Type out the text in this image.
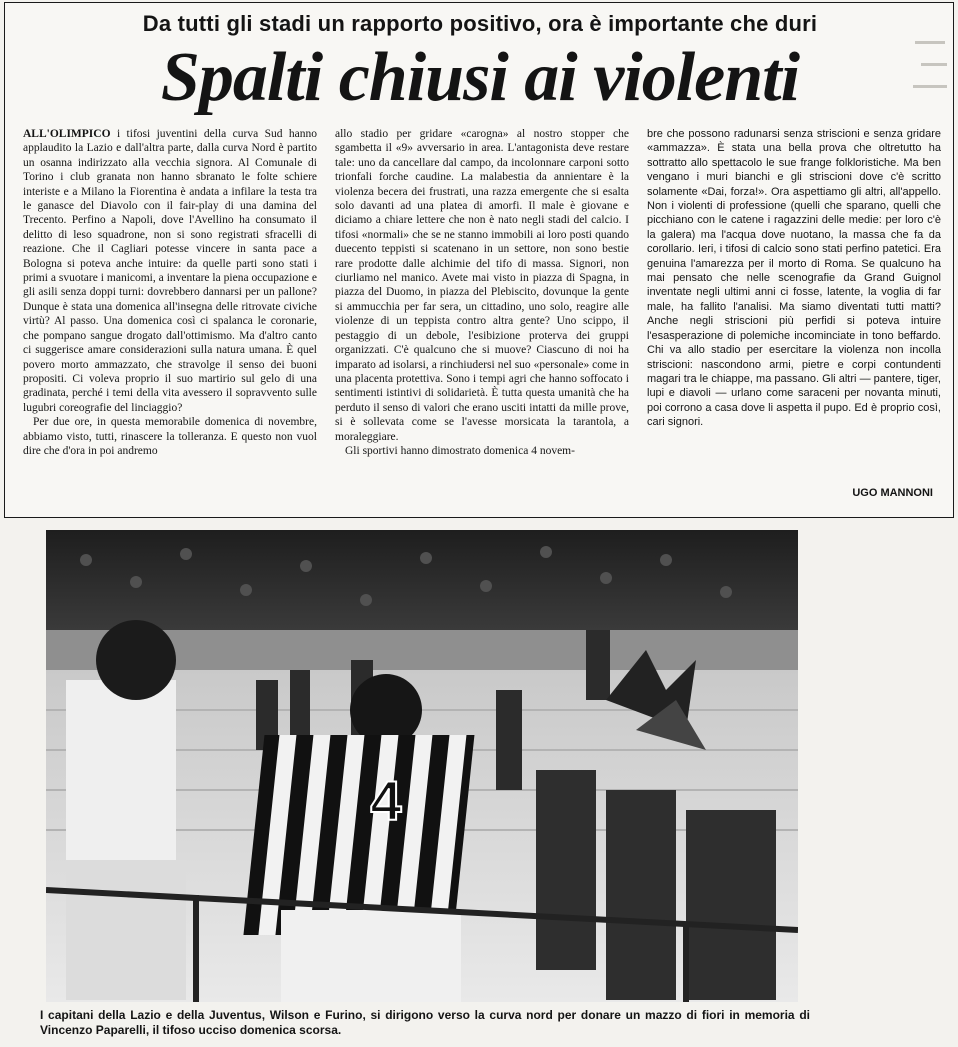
Da tutti gli stadi un rapporto positivo, ora è importante che duri
Spalti chiusi ai violenti

ALL'OLIMPICO i tifosi juventini della curva Sud hanno applaudito la Lazio e dall'altra parte, dalla curva Nord è partito un osanna indirizzato alla vecchia signora. Al Comunale di Torino i club granata non hanno sbranato le folte schiere interiste e a Milano la Fiorentina è andata a infilare la testa tra le ganasce del Diavolo con il fair-play di una damina del Trecento. Perfino a Napoli, dove l'Avellino ha consumato il delitto di leso squadrone, non si sono registrati sfracelli di reazione. Che il Cagliari potesse vincere in santa pace a Bologna si poteva anche intuire: da quelle parti sono stati i primi a svuotare i manicomi, a inventare la piena occupazione e gli asili senza doppi turni: dovrebbero dannarsi per un pallone? Dunque è stata una domenica all'insegna delle ritrovate civiche virtù? Al passo. Una domenica così ci spalanca le coronarie, che pompano sangue drogato dall'ottimismo. Ma d'altro canto ci suggerisce amare considerazioni sulla natura umana. È quel povero morto ammazzato, che stravolge il senso dei buoni propositi. Ci voleva proprio il suo martirio sul gelo di una gradinata, perché i temi della vita avessero il sopravvento sulle lugubri coreografie del linciaggio?

Per due ore, in questa memorabile domenica di novembre, abbiamo visto, tutti, rinascere la tolleranza. E questo non vuol dire che d'ora in poi andremo

allo stadio per gridare «carogna» al nostro stopper che sgambetta il «9» avversario in area. L'antagonista deve restare tale: uno da cancellare dal campo, da incolonnare carponi sotto trionfali forche caudine. La malabestia da annientare è la violenza becera dei frustrati, una razza emergente che si esalta solo davanti ad una platea di amorfi. Il male è giovane e diciamo a chiare lettere che non è nato negli stadi del calcio. I tifosi «normali» che se ne stanno immobili ai loro posti quando duecento teppisti si scatenano in un settore, non sono bestie rare prodotte dalle alchimie del tifo di massa. Signori, non ciurliamo nel manico. Avete mai visto in piazza di Spagna, in piazza del Duomo, in piazza del Plebiscito, dovunque la gente si ammucchia per far sera, un cittadino, uno solo, reagire alle violenze di un teppista contro altra gente? Uno scippo, il pestaggio di un debole, l'esibizione proterva dei gruppi organizzati. C'è qualcuno che si muove? Ciascuno di noi ha imparato ad isolarsi, a rinchiudersi nel suo «personale» come in una placenta protettiva. Sono i tempi agri che hanno soffocato i sentimenti istintivi di solidarietà. È tutta questa umanità che ha perduto il senso di valori che erano usciti intatti da mille prove, si è sollevata come se l'avesse morsicata la tarantola, a moraleggiare.

Gli sportivi hanno dimostrato domenica 4 novem-

bre che possono radunarsi senza striscioni e senza gridare «ammazza». È stata una bella prova che oltretutto ha sottratto allo spettacolo le sue frange folkloristiche. Ma ben vengano i muri bianchi e gli striscioni dove c'è scritto solamente «Dai, forza!». Ora aspettiamo gli altri, all'appello. Non i violenti di professione (quelli che sparano, quelli che picchiano con le catene i ragazzini delle medie: per loro c'è la galera) ma l'acqua dove nuotano, la massa che fa da corollario. Ieri, i tifosi di calcio sono stati perfino patetici. Era genuina l'amarezza per il morto di Roma. Se qualcuno ha mai pensato che nelle scenografie da Grand Guignol inventate negli ultimi anni ci fosse, latente, la voglia di far male, ha fallito l'analisi. Ma siamo diventati tutti matti? Anche negli striscioni più perfidi si poteva intuire l'esasperazione di polemiche incominciate in tono beffardo. Chi va allo stadio per esercitare la violenza non incolla striscioni: nascondono armi, pietre e corpi contundenti magari tra le chiappe, ma passano. Gli altri — pantere, tiger, lupi e diavoli — urlano come saraceni per novanta minuti, poi corrono a casa dove li aspetta il pupo. Ed è proprio così, cari signori.

UGO MANNONI
4
I capitani della Lazio e della Juventus, Wilson e Furino, si dirigono verso la curva nord per donare un mazzo di fiori in memoria di Vincenzo Paparelli, il tifoso ucciso domenica scorsa.
